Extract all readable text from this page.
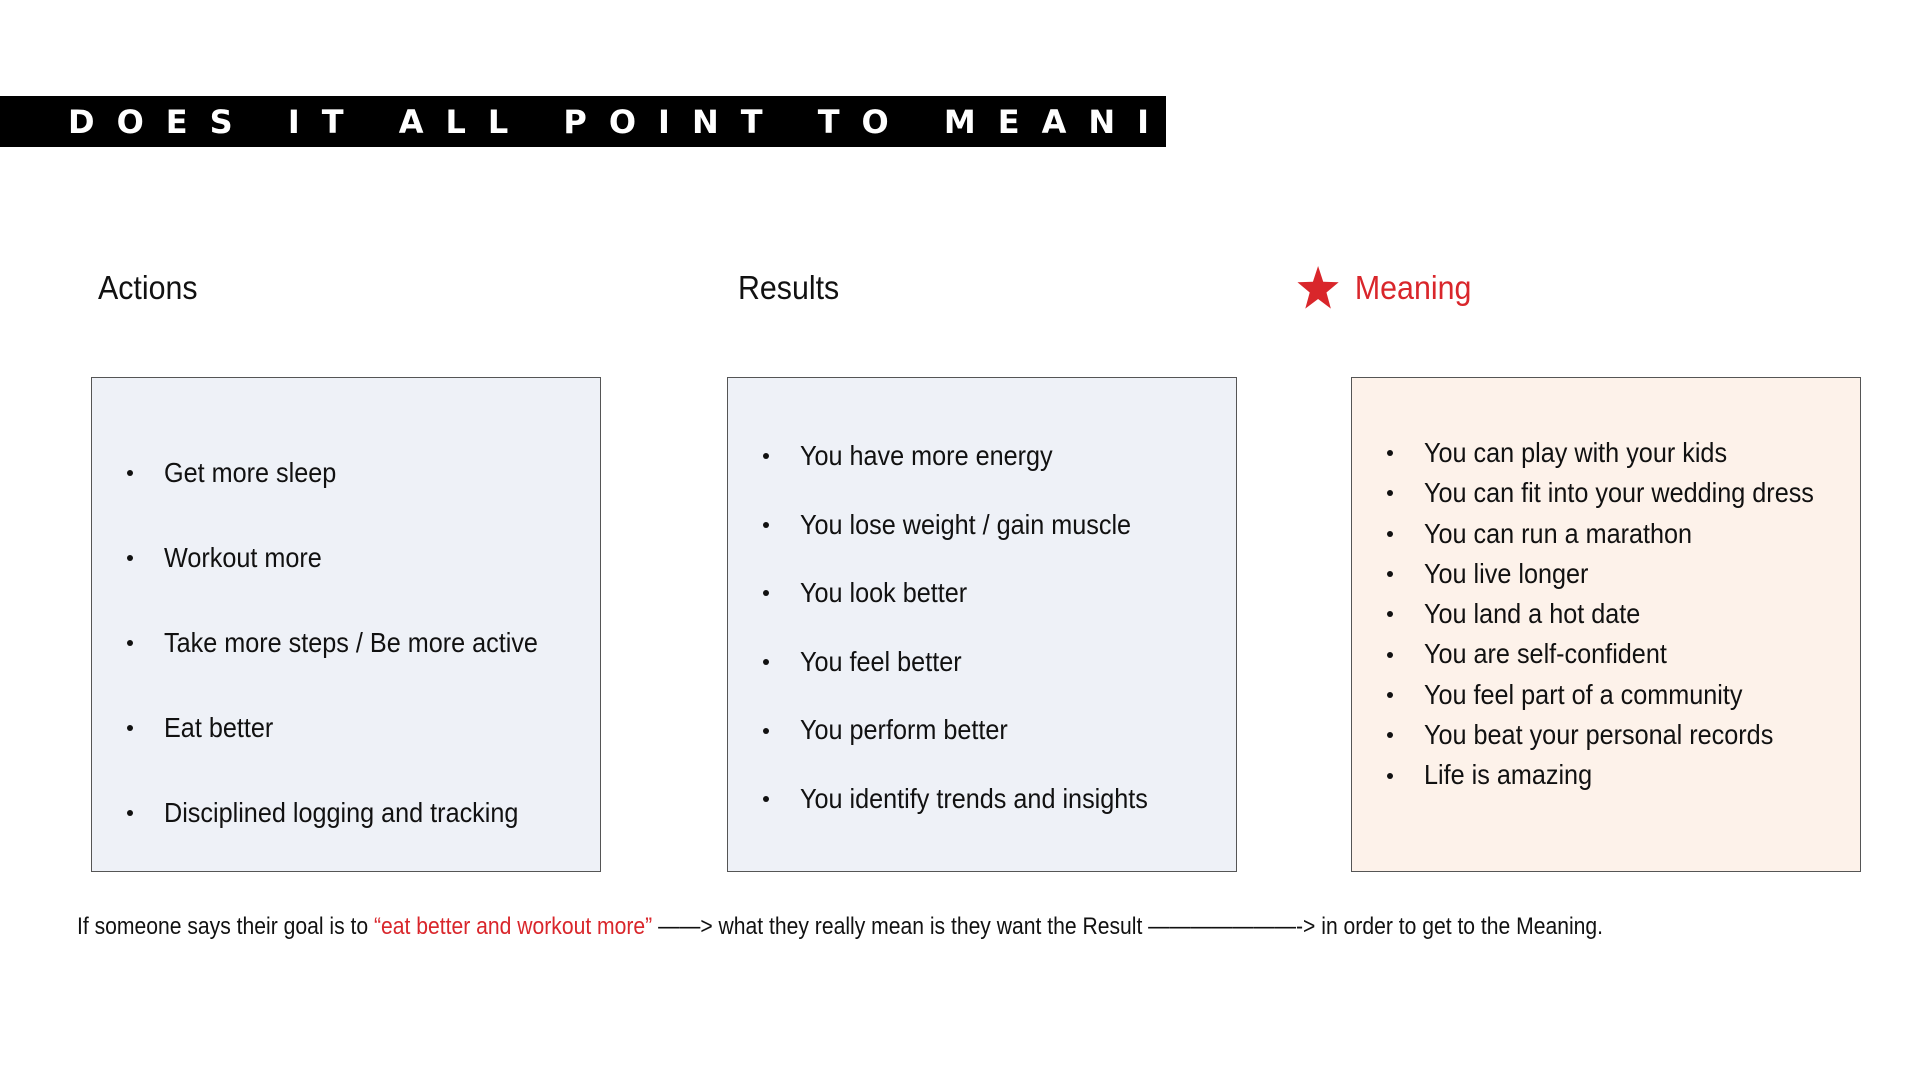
DOES IT ALL POINT TO MEANING?
Actions	Results	Meaning
Get more sleep
Workout more
Take more steps / Be more active
Eat better
Disciplined logging and tracking
You have more energy
You lose weight / gain muscle
You look better
You feel better
You perform better
You identify trends and insights
You can play with your kids
You can fit into your wedding dress
You can run a marathon
You live longer
You land a hot date
You are self-confident
You feel part of a community
You beat your personal records
Life is amazing
If someone says their goal is to “eat better and workout more” ——> what they really mean is they want the Result ———————-> in order to get to the Meaning.
